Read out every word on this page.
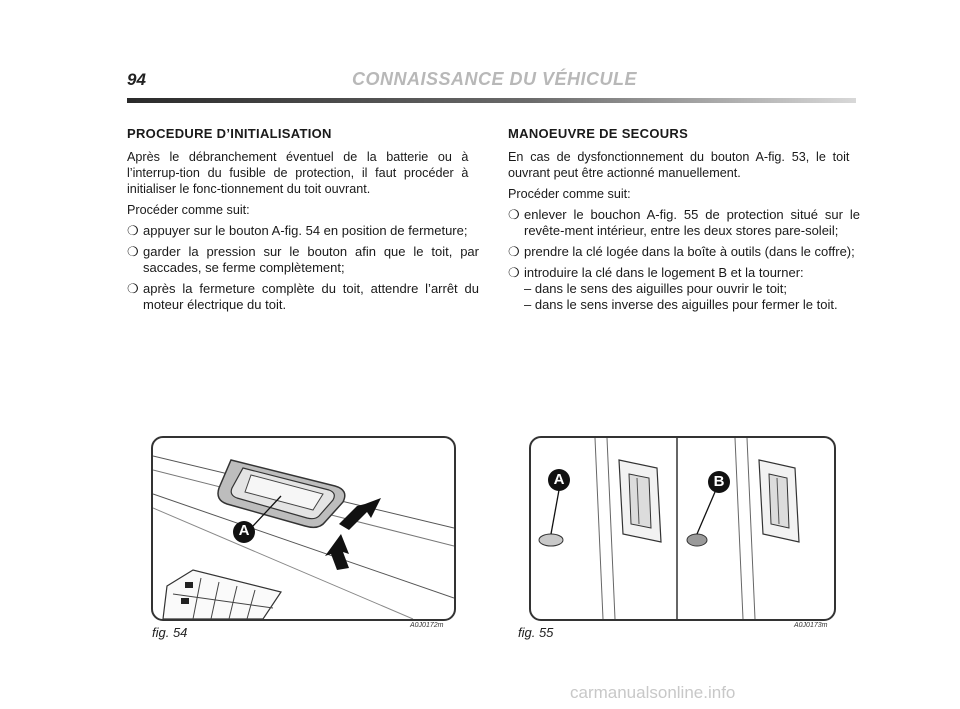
94	CONNAISSANCE DU VÉHICULE
PROCEDURE D’INITIALISATION

Après le débranchement éventuel de la batterie ou à l’interrup-tion du fusible de protection, il faut procéder à initialiser le fonc-tionnement du toit ouvrant.

Procéder comme suit:

❍ appuyer sur le bouton A-fig. 54 en position de fermeture;
❍ garder la pression sur le bouton afin que le toit, par saccades, se ferme complètement;
❍ après la fermeture complète du toit, attendre l’arrêt du moteur électrique du toit.
MANOEUVRE DE SECOURS

En cas de dysfonctionnement du bouton A-fig. 53, le toit ouvrant peut être actionné manuellement.

Procéder comme suit:

❍ enlever le bouchon A-fig. 55 de protection situé sur le revête-ment intérieur, entre les deux stores pare-soleil;
❍ prendre la clé logée dans la boîte à outils (dans le coffre);
❍ introduire la clé dans le logement B et la tourner:
– dans le sens des aiguilles pour ouvrir le toit;
– dans le sens inverse des aiguilles pour fermer le toit.
A
fig. 54	A0J0172m
A	B
fig. 55	A0J0173m
carmanualsonline.info
